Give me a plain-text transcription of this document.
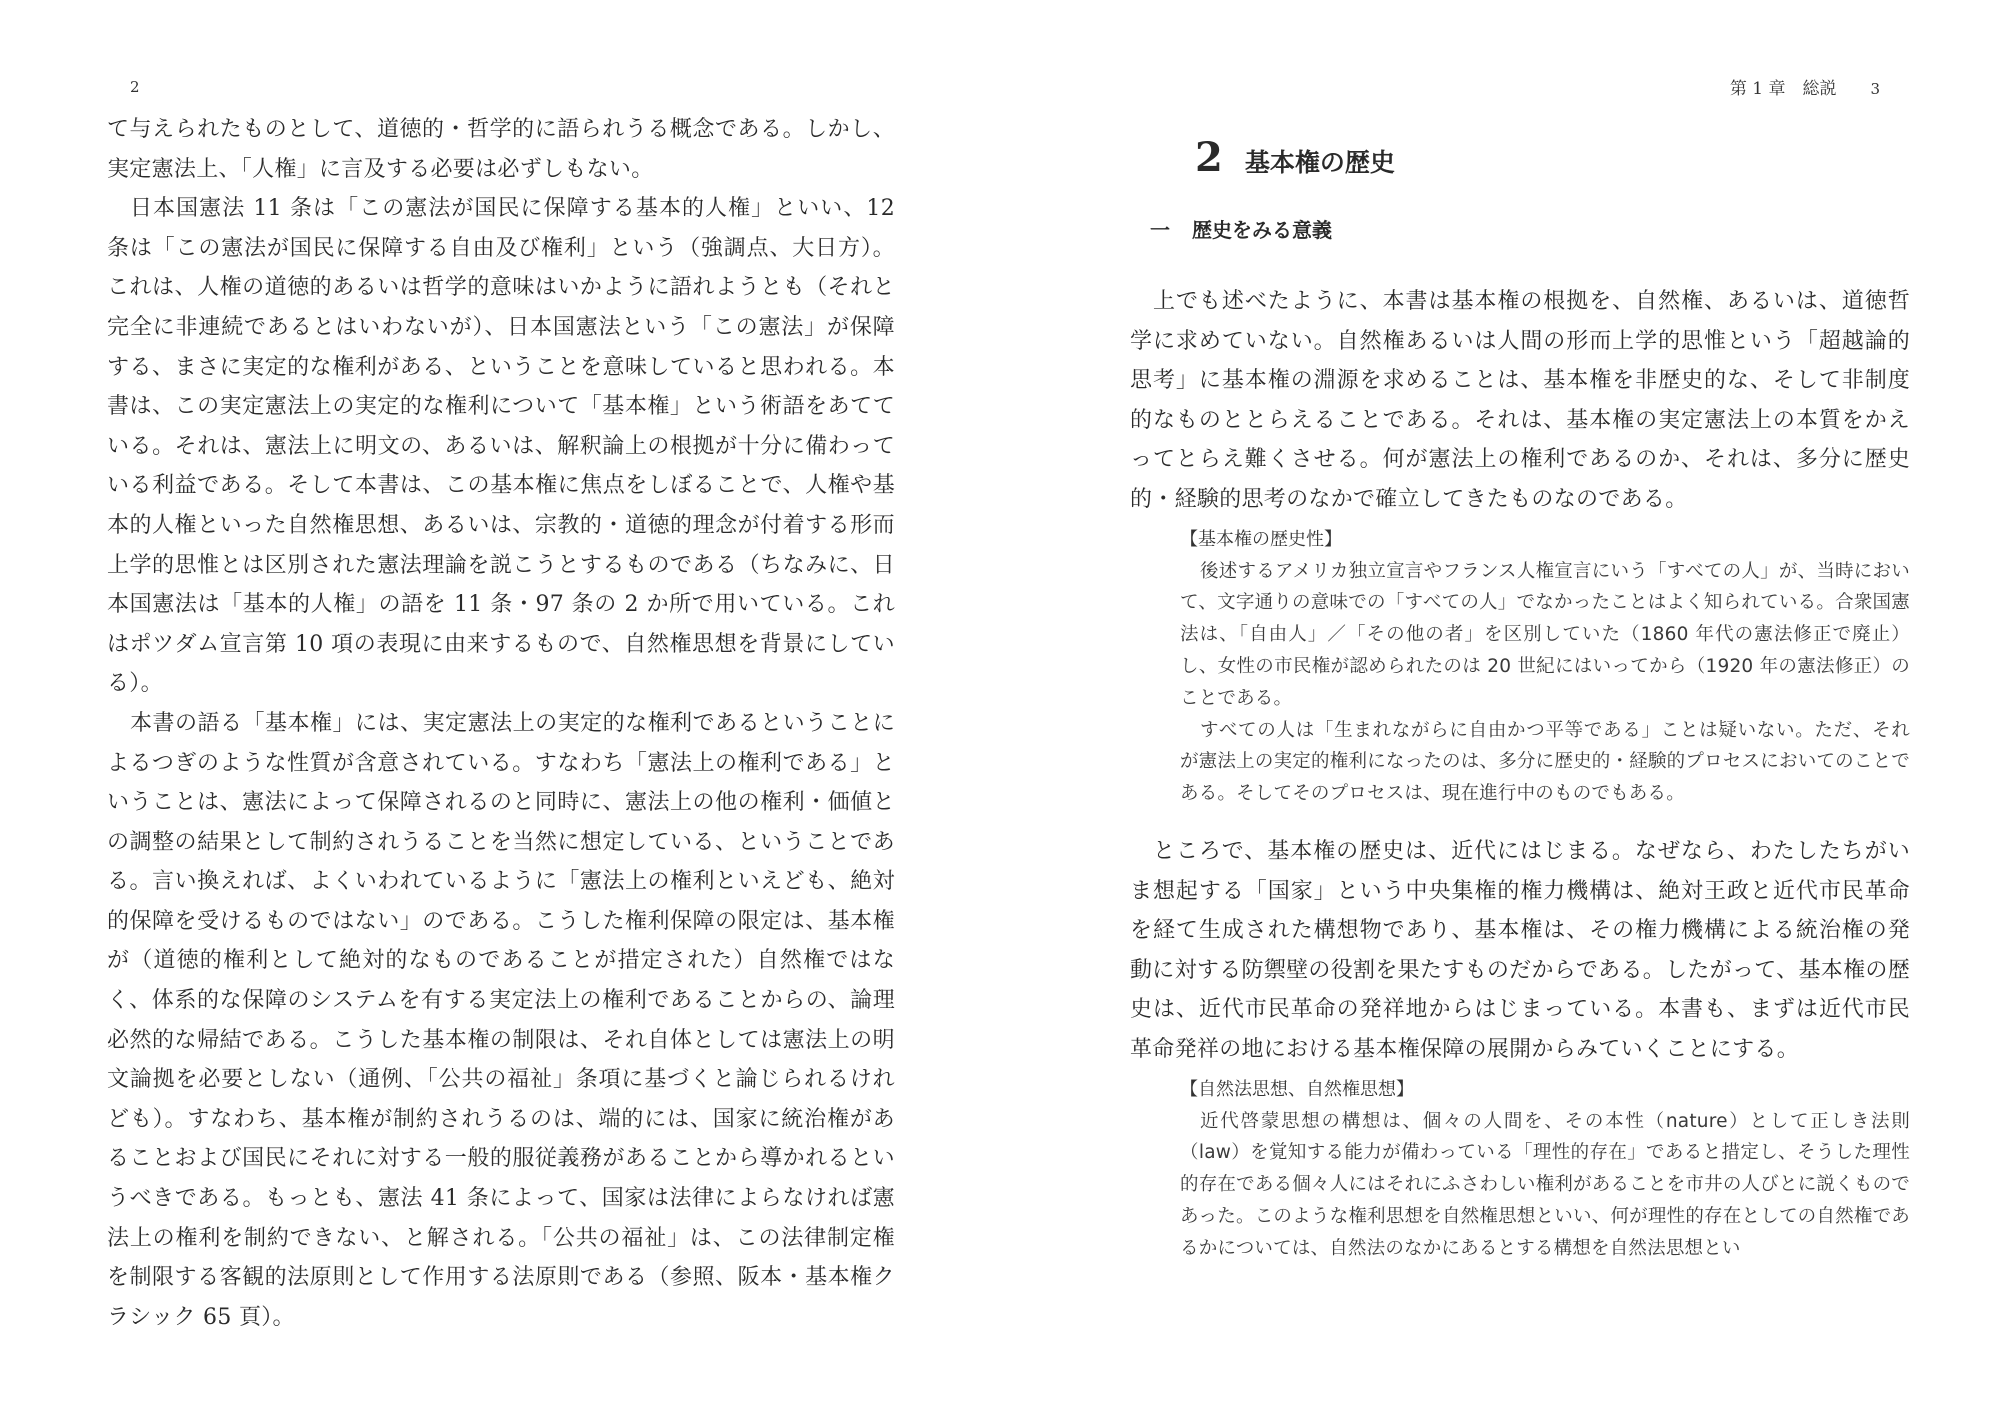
2

て与えられたものとして、道徳的・哲学的に語られうる概念である。しかし、実定憲法上、「人権」に言及する必要は必ずしもない。

日本国憲法 11 条は「この憲法が国民に保障する基本的人権」といい、12 条は「この憲法が国民に保障する自由及び権利」という（強調点、大日方）。これは、人権の道徳的あるいは哲学的意味はいかように語れようとも（それと完全に非連続であるとはいわないが）、日本国憲法という「この憲法」が保障する、まさに実定的な権利がある、ということを意味していると思われる。本書は、この実定憲法上の実定的な権利について「基本権」という術語をあてている。それは、憲法上に明文の、あるいは、解釈論上の根拠が十分に備わっている利益である。そして本書は、この基本権に焦点をしぼることで、人権や基本的人権といった自然権思想、あるいは、宗教的・道徳的理念が付着する形而上学的思惟とは区別された憲法理論を説こうとするものである（ちなみに、日本国憲法は「基本的人権」の語を 11 条・97 条の 2 か所で用いている。これはポツダム宣言第 10 項の表現に由来するもので、自然権思想を背景にしている）。

本書の語る「基本権」には、実定憲法上の実定的な権利であるということによるつぎのような性質が含意されている。すなわち「憲法上の権利である」ということは、憲法によって保障されるのと同時に、憲法上の他の権利・価値との調整の結果として制約されうることを当然に想定している、ということである。言い換えれば、よくいわれているように「憲法上の権利といえども、絶対的保障を受けるものではない」のである。こうした権利保障の限定は、基本権が（道徳的権利として絶対的なものであることが措定された）自然権ではなく、体系的な保障のシステムを有する実定法上の権利であることからの、論理必然的な帰結である。こうした基本権の制限は、それ自体としては憲法上の明文論拠を必要としない（通例、「公共の福祉」条項に基づくと論じられるけれども）。すなわち、基本権が制約されうるのは、端的には、国家に統治権があることおよび国民にそれに対する一般的服従義務があることから導かれるというべきである。もっとも、憲法 41 条によって、国家は法律によらなければ憲法上の権利を制約できない、と解される。「公共の福祉」は、この法律制定権を制限する客観的法原則として作用する法原則である（参照、阪本・基本権クラシック 65 頁）。

第 1 章　総説 3
2 基本権の歴史
一 歴史をみる意義

上でも述べたように、本書は基本権の根拠を、自然権、あるいは、道徳哲学に求めていない。自然権あるいは人間の形而上学的思惟という「超越論的思考」に基本権の淵源を求めることは、基本権を非歴史的な、そして非制度的なものととらえることである。それは、基本権の実定憲法上の本質をかえってとらえ難くさせる。何が憲法上の権利であるのか、それは、多分に歴史的・経験的思考のなかで確立してきたものなのである。

【基本権の歴史性】

後述するアメリカ独立宣言やフランス人権宣言にいう「すべての人」が、当時において、文字通りの意味での「すべての人」でなかったことはよく知られている。合衆国憲法は、「自由人」／「その他の者」を区別していた（1860 年代の憲法修正で廃止）し、女性の市民権が認められたのは 20 世紀にはいってから（1920 年の憲法修正）のことである。

すべての人は「生まれながらに自由かつ平等である」ことは疑いない。ただ、それが憲法上の実定的権利になったのは、多分に歴史的・経験的プロセスにおいてのことである。そしてそのプロセスは、現在進行中のものでもある。

ところで、基本権の歴史は、近代にはじまる。なぜなら、わたしたちがいま想起する「国家」という中央集権的権力機構は、絶対王政と近代市民革命を経て生成された構想物であり、基本権は、その権力機構による統治権の発動に対する防禦壁の役割を果たすものだからである。したがって、基本権の歴史は、近代市民革命の発祥地からはじまっている。本書も、まずは近代市民革命発祥の地における基本権保障の展開からみていくことにする。

【自然法思想、自然権思想】

近代啓蒙思想の構想は、個々の人間を、その本性（nature）として正しき法則（law）を覚知する能力が備わっている「理性的存在」であると措定し、そうした理性的存在である個々人にはそれにふさわしい権利があることを市井の人びとに説くものであった。このような権利思想を自然権思想といい、何が理性的存在としての自然権であるかについては、自然法のなかにあるとする構想を自然法思想とい
